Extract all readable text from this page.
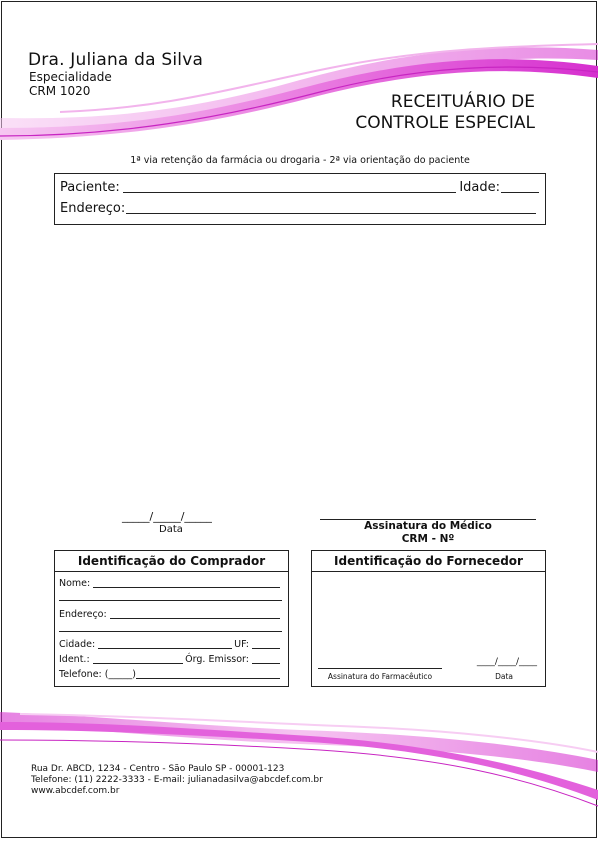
Dra. Juliana da Silva
Especialidade
CRM 1020
RECEITUÁRIO DE
CONTROLE ESPECIAL
1ª via retenção da farmácia ou drogaria - 2ª via orientação do paciente
Paciente:	Idade:
Endereço:
_____/_____/_____
Data	Assinatura do Médico
CRM - Nº
Identificação do Comprador
Nome:
Endereço:
Cidade:	UF:
Ident.:	Órg. Emissor:
Telefone: (_____)
Identificação do Fornecedor
Assinatura do Farmacêutico
____/____/____
Data
Rua Dr. ABCD, 1234 - Centro - São Paulo SP - 00001-123
Telefone: (11) 2222-3333 - E-mail: julianadasilva@abcdef.com.br
www.abcdef.com.br
